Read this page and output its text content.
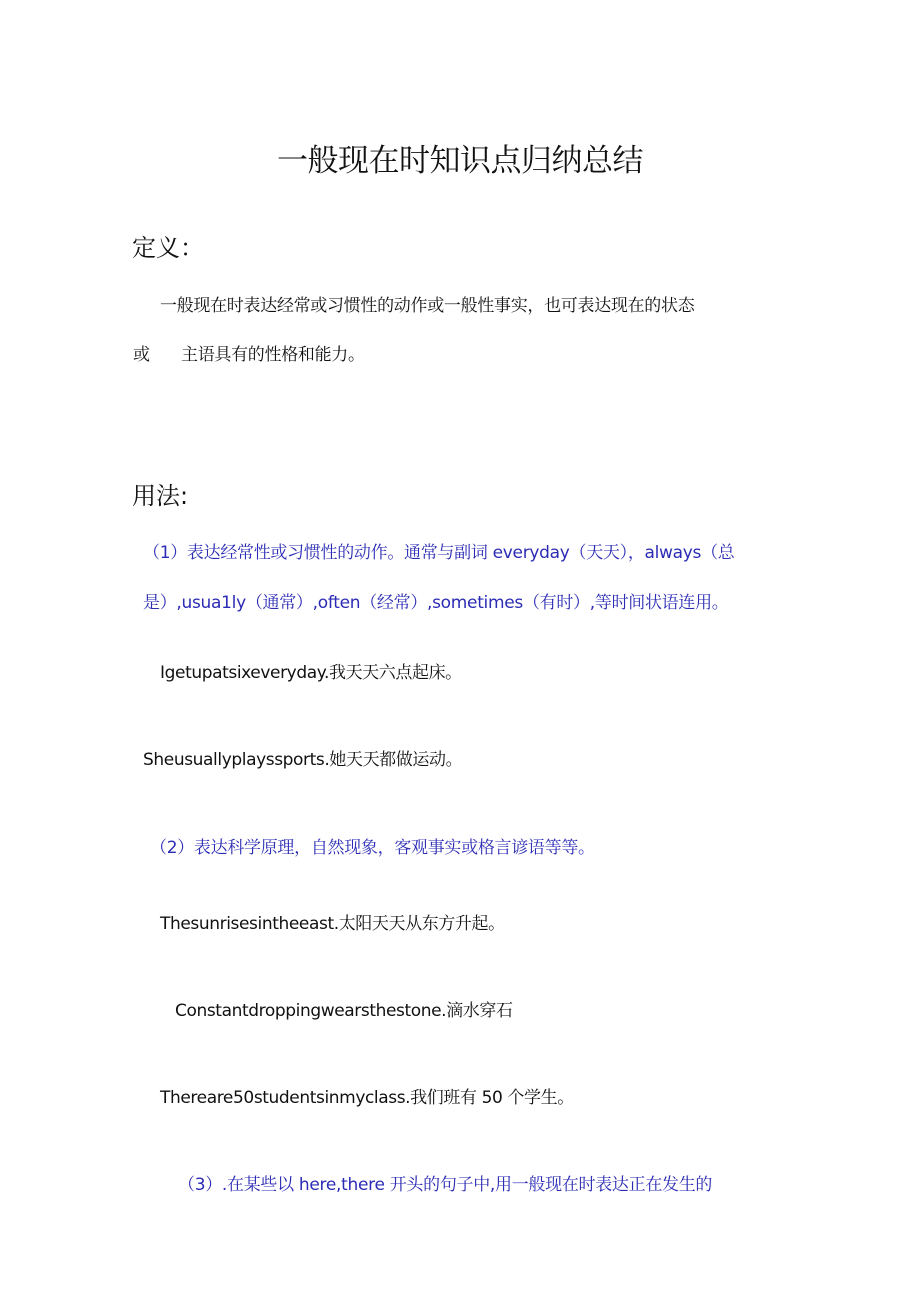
一般现在时知识点归纳总结
定义：

一般现在时表达经常或习惯性的动作或一般性事实，也可表达现在的状态

或 主语具有的性格和能力。

用法:

（1）表达经常性或习惯性的动作。通常与副词 everyday（天天），always（总

是）,usua1ly（通常）,often（经常）,sometimes（有时）,等时间状语连用。

Igetupatsixeveryday.我天天六点起床。

Sheusuallyplayssports.她天天都做运动。

（2）表达科学原理，自然现象，客观事实或格言谚语等等。

Thesunrisesintheeast.太阳天天从东方升起。

Constantdroppingwearsthestone.滴水穿石

Thereare50studentsinmyclass.我们班有 50 个学生。

（3）.在某些以 here,there 开头的句子中,用一般现在时表达正在发生的
